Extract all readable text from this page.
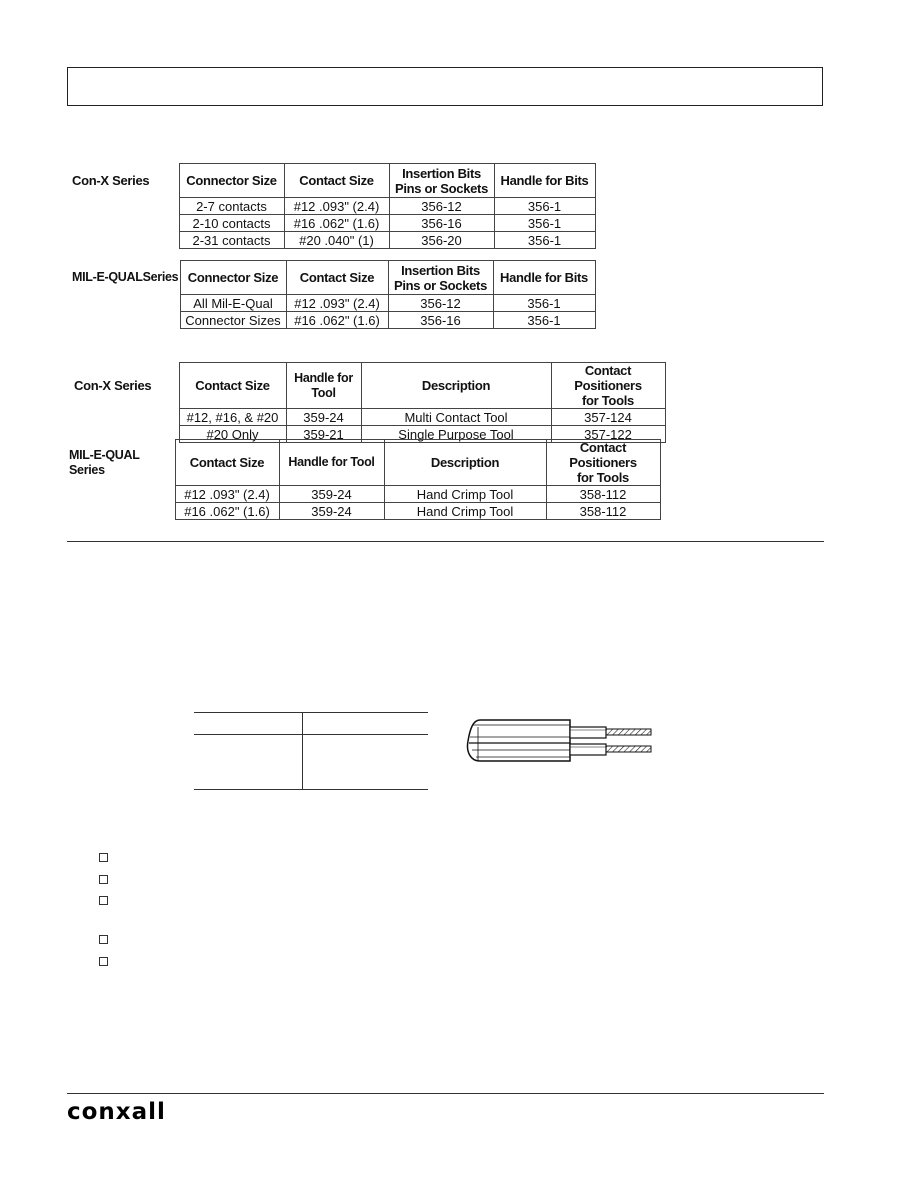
Con-X Series	Connector Size	Contact Size	Insertion Bits
Pins or Sockets	Handle for Bits
	2-7 contacts	#12 .093" (2.4)	356-12	356-1
	2-10 contacts	#16 .062" (1.6)	356-16	356-1
	2-31 contacts	#20 .040" (1)	356-20	356-1
MIL-E-QUALSeries	Connector Size	Contact Size	Insertion Bits
Pins or Sockets	Handle for Bits
	All Mil-E-Qual	#12 .093" (2.4)	356-12	356-1
	Connector Sizes	#16 .062" (1.6)	356-16	356-1
Con-X Series	Contact Size	Handle for Tool	Description	Contact Positioners
for Tools
	#12, #16, & #20	359-24	Multi Contact Tool	357-124
	#20 Only	359-21	Single Purpose Tool	357-122
MIL-E-QUAL Series	Contact Size	Handle for Tool	Description	Contact Positioners
for Tools
	#12 .093" (2.4)	359-24	Hand Crimp Tool	358-112
	#16 .062" (1.6)	359-24	Hand Crimp Tool	358-112
conxall
